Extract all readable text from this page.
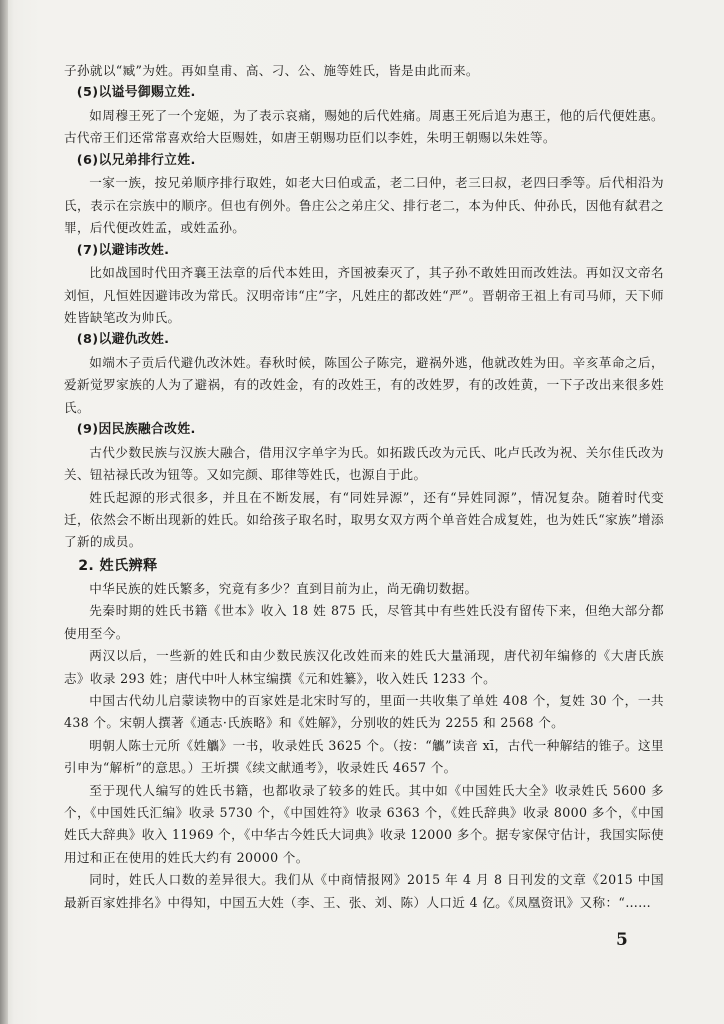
子孙就以“臧”为姓。再如皇甫、高、刁、公、施等姓氏，皆是由此而来。

(5)以谥号御赐立姓.

如周穆王死了一个宠姬，为了表示哀痛，赐她的后代姓痛。周惠王死后追为惠王，他的后代便姓惠。古代帝王们还常常喜欢给大臣赐姓，如唐王朝赐功臣们以李姓，朱明王朝赐以朱姓等。

(6)以兄弟排行立姓.

一家一族，按兄弟顺序排行取姓，如老大曰伯或孟，老二曰仲，老三曰叔，老四曰季等。后代相沿为氏，表示在宗族中的顺序。但也有例外。鲁庄公之弟庄父、排行老二，本为仲氏、仲孙氏，因他有弑君之罪，后代便改姓孟，或姓孟孙。

(7)以避讳改姓.

比如战国时代田齐襄王法章的后代本姓田，齐国被秦灭了，其子孙不敢姓田而改姓法。再如汉文帝名刘恒，凡恒姓因避讳改为常氏。汉明帝讳“庄”字，凡姓庄的都改姓“严”。晋朝帝王祖上有司马师，天下师姓皆缺笔改为帅氏。

(8)以避仇改姓.

如端木子贡后代避仇改沐姓。春秋时候，陈国公子陈完，避祸外逃，他就改姓为田。辛亥革命之后，爱新觉罗家族的人为了避祸，有的改姓金，有的改姓王，有的改姓罗，有的改姓黄，一下子改出来很多姓氏。

(9)因民族融合改姓.

古代少数民族与汉族大融合，借用汉字单字为氏。如拓跋氏改为元氏、叱卢氏改为祝、关尔佳氏改为关、钮祜禄氏改为钮等。又如完颜、耶律等姓氏，也源自于此。

姓氏起源的形式很多，并且在不断发展，有“同姓异源”，还有“异姓同源”，情况复杂。随着时代变迁，依然会不断出现新的姓氏。如给孩子取名时，取男女双方两个单音姓合成复姓，也为姓氏“家族”增添了新的成员。

2. 姓氏辨释

中华民族的姓氏繁多，究竟有多少？直到目前为止，尚无确切数据。

先秦时期的姓氏书籍《世本》收入 18 姓 875 氏，尽管其中有些姓氏没有留传下来，但绝大部分都使用至今。

两汉以后，一些新的姓氏和由少数民族汉化改姓而来的姓氏大量涌现，唐代初年编修的《大唐氏族志》收录 293 姓；唐代中叶人林宝编撰《元和姓纂》，收入姓氏 1233 个。

中国古代幼儿启蒙读物中的百家姓是北宋时写的，里面一共收集了单姓 408 个，复姓 30 个，一共 438 个。宋朝人撰著《通志·氏族略》和《姓解》，分别收的姓氏为 2255 和 2568 个。

明朝人陈士元所《姓觿》一书，收录姓氏 3625 个。（按：“觿”读音 xī，古代一种解结的锥子。这里引申为“解析”的意思。）王圻撰《续文献通考》，收录姓氏 4657 个。

至于现代人编写的姓氏书籍，也都收录了较多的姓氏。其中如《中国姓氏大全》收录姓氏 5600 多个，《中国姓氏汇编》收录 5730 个，《中国姓符》收录 6363 个，《姓氏辞典》收录 8000 多个，《中国姓氏大辞典》收入 11969 个，《中华古今姓氏大词典》收录 12000 多个。据专家保守估计，我国实际使用过和正在使用的姓氏大约有 20000 个。

同时，姓氏人口数的差异很大。我们从《中商情报网》2015 年 4 月 8 日刊发的文章《2015 中国最新百家姓排名》中得知，中国五大姓（李、王、张、刘、陈）人口近 4 亿。《凤凰资讯》又称：“……

5
